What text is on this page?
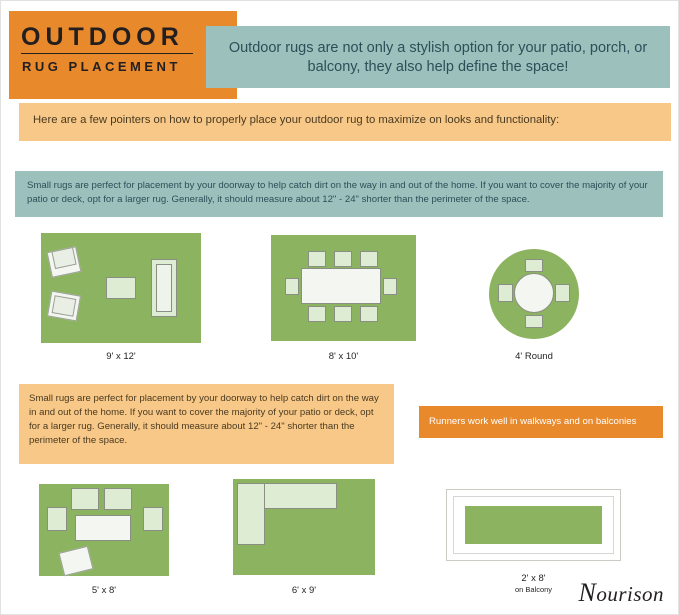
OUTDOOR
RUG PLACEMENT
Outdoor rugs are not only a stylish option for your patio, porch, or balcony, they also help define the space!
Here are a few pointers on how to properly place your outdoor rug to maximize on looks and functionality:
Small rugs are perfect for placement by your doorway to help catch dirt on the way in and out of the home. If you want to cover the majority of your patio or deck, opt for a larger rug. Generally, it should measure about 12" - 24" shorter than the perimeter of the space.
9' x 12'	8' x 10'	4' Round
Small rugs are perfect for placement by your doorway to help catch dirt on the way in and out of the home. If you want to cover the majority of your patio or deck, opt for a larger rug. Generally, it should measure about 12" - 24" shorter than the perimeter of the space.
Runners work well in walkways and on balconies
5' x 8'	6' x 9'
2' x 8'
on Balcony	Nourison
